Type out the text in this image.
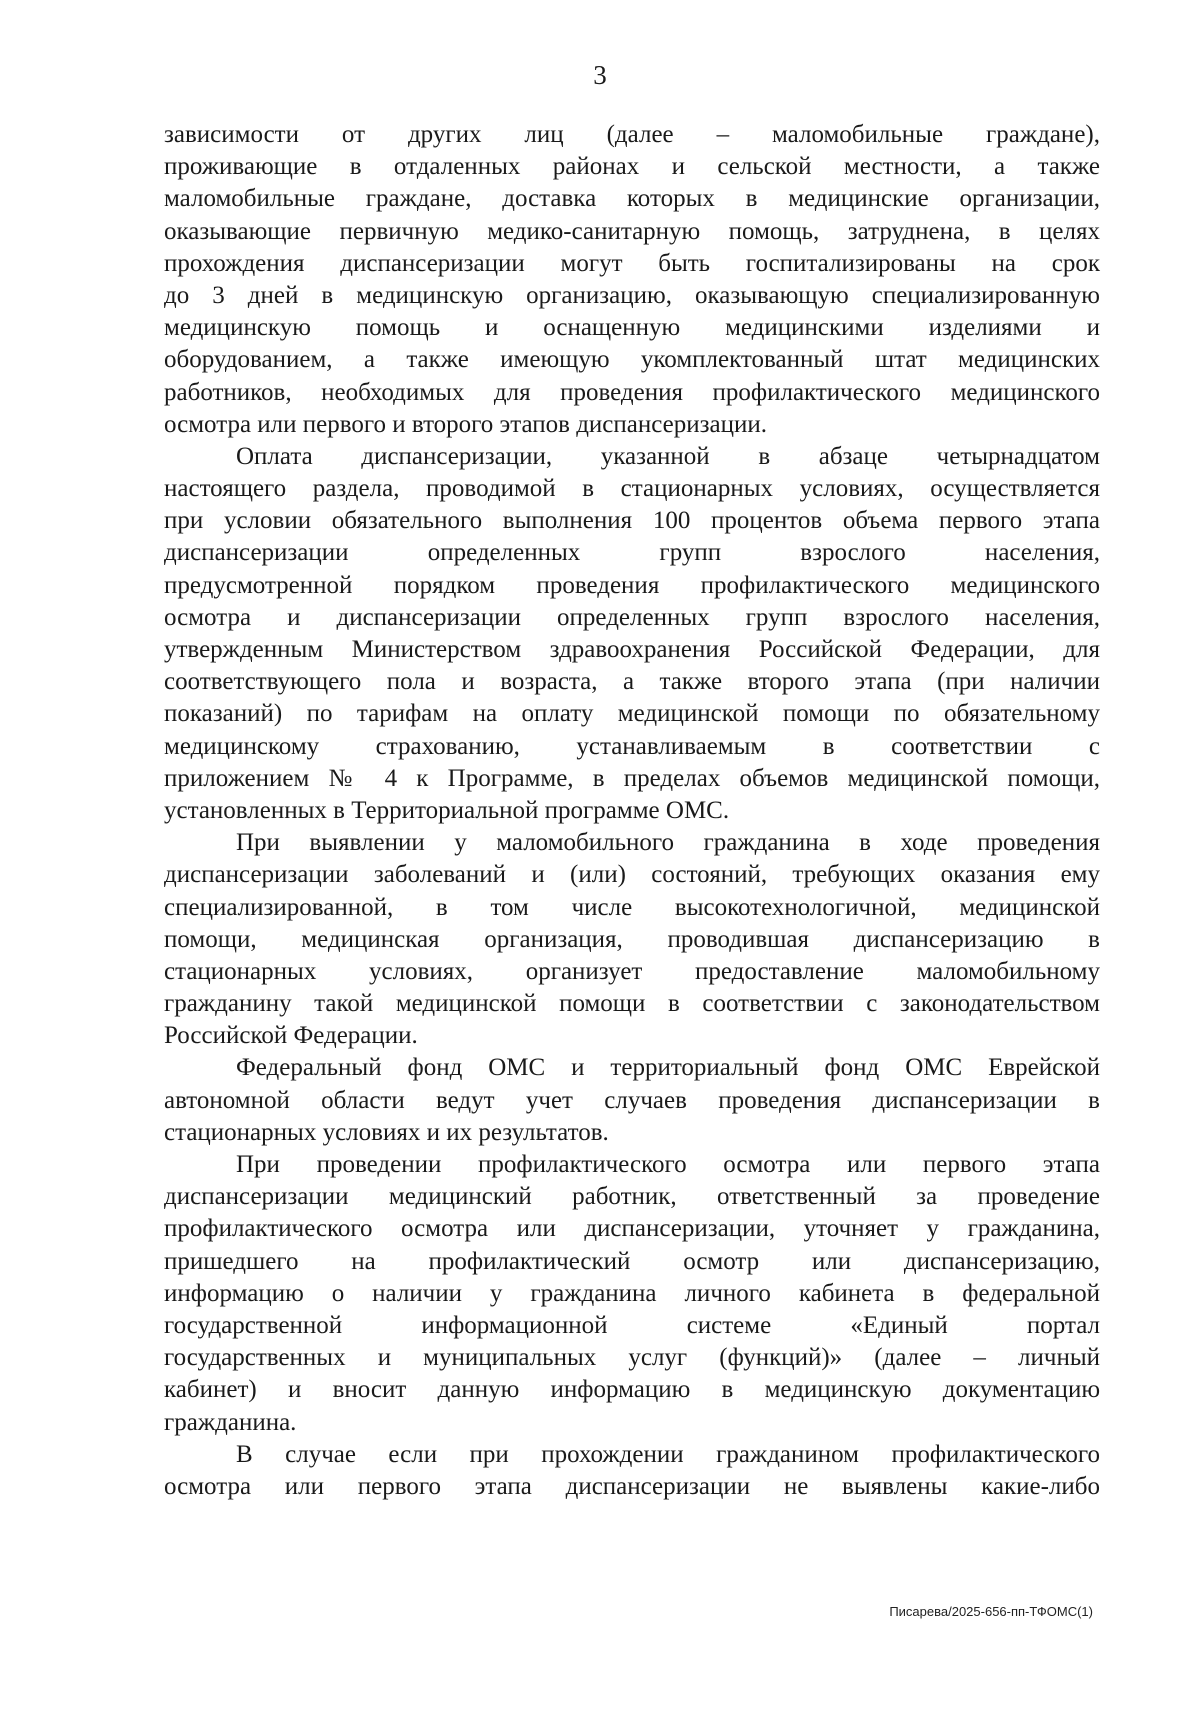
3
зависимости от других лиц (далее – маломобильные граждане),
проживающие в отдаленных районах и сельской местности, а также
маломобильные граждане, доставка которых в медицинские организации,
оказывающие первичную медико-санитарную помощь, затруднена, в целях
прохождения диспансеризации могут быть госпитализированы на срок
до 3 дней в медицинскую организацию, оказывающую специализированную
медицинскую помощь и оснащенную медицинскими изделиями и
оборудованием, а также имеющую укомплектованный штат медицинских
работников, необходимых для проведения профилактического медицинского
осмотра или первого и второго этапов диспансеризации.
Оплата диспансеризации, указанной в абзаце четырнадцатом
настоящего раздела, проводимой в стационарных условиях, осуществляется
при условии обязательного выполнения 100 процентов объема первого этапа
диспансеризации определенных групп взрослого населения,
предусмотренной порядком проведения профилактического медицинского
осмотра и диспансеризации определенных групп взрослого населения,
утвержденным Министерством здравоохранения Российской Федерации, для
соответствующего пола и возраста, а также второго этапа (при наличии
показаний) по тарифам на оплату медицинской помощи по обязательному
медицинскому страхованию, устанавливаемым в соответствии с
приложением № 4 к Программе, в пределах объемов медицинской помощи,
установленных в Территориальной программе ОМС.
При выявлении у маломобильного гражданина в ходе проведения
диспансеризации заболеваний и (или) состояний, требующих оказания ему
специализированной, в том числе высокотехнологичной, медицинской
помощи, медицинская организация, проводившая диспансеризацию в
стационарных условиях, организует предоставление маломобильному
гражданину такой медицинской помощи в соответствии с законодательством
Российской Федерации.
Федеральный фонд ОМС и территориальный фонд ОМС Еврейской
автономной области ведут учет случаев проведения диспансеризации в
стационарных условиях и их результатов.
При проведении профилактического осмотра или первого этапа
диспансеризации медицинский работник, ответственный за проведение
профилактического осмотра или диспансеризации, уточняет у гражданина,
пришедшего на профилактический осмотр или диспансеризацию,
информацию о наличии у гражданина личного кабинета в федеральной
государственной информационной системе «Единый портал
государственных и муниципальных услуг (функций)» (далее – личный
кабинет) и вносит данную информацию в медицинскую документацию
гражданина.
В случае если при прохождении гражданином профилактического
осмотра или первого этапа диспансеризации не выявлены какие-либо
Писарева/2025-656-пп-ТФОМС(1)
